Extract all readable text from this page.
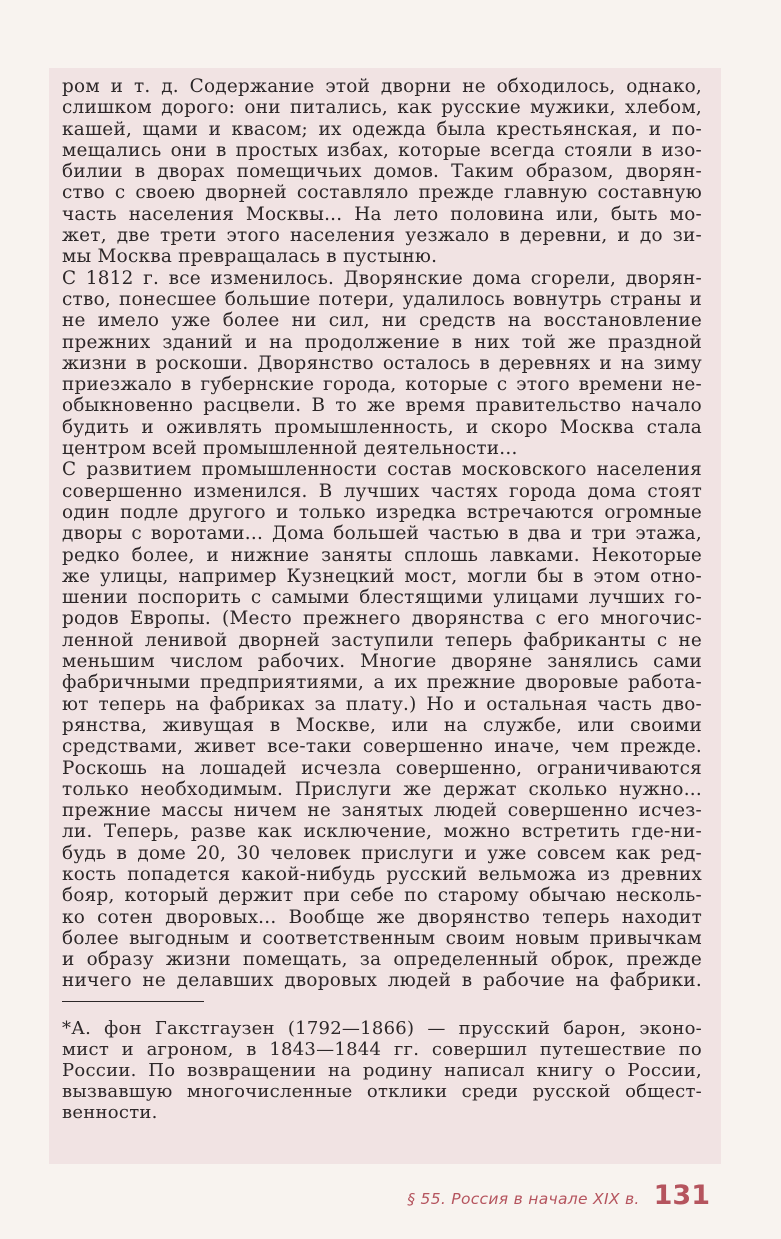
ром и т. д. Содержание этой дворни не обходилось, однако,
слишком дорого: они питались, как русские мужики, хлебом,
кашей, щами и квасом; их одежда была крестьянская, и по-
мещались они в простых избах, которые всегда стояли в изо-
билии в дворах помещичьих домов. Таким образом, дворян-
ство с своею дворней составляло прежде главную составную
часть населения Москвы... На лето половина или, быть мо-
жет, две трети этого населения уезжало в деревни, и до зи-
мы Москва превращалась в пустыню.
С 1812 г. все изменилось. Дворянские дома сгорели, дворян-
ство, понесшее большие потери, удалилось вовнутрь страны и
не имело уже более ни сил, ни средств на восстановление
прежних зданий и на продолжение в них той же праздной
жизни в роскоши. Дворянство осталось в деревнях и на зиму
приезжало в губернские города, которые с этого времени не-
обыкновенно расцвели. В то же время правительство начало
будить и оживлять промышленность, и скоро Москва стала
центром всей промышленной деятельности...
С развитием промышленности состав московского населения
совершенно изменился. В лучших частях города дома стоят
один подле другого и только изредка встречаются огромные
дворы с воротами... Дома большей частью в два и три этажа,
редко более, и нижние заняты сплошь лавками. Некоторые
же улицы, например Кузнецкий мост, могли бы в этом отно-
шении поспорить с самыми блестящими улицами лучших го-
родов Европы. (Место прежнего дворянства с его многочис-
ленной ленивой дворней заступили теперь фабриканты с не
меньшим числом рабочих. Многие дворяне занялись сами
фабричными предприятиями, а их прежние дворовые работа-
ют теперь на фабриках за плату.) Но и остальная часть дво-
рянства, живущая в Москве, или на службе, или своими
средствами, живет все-таки совершенно иначе, чем прежде.
Роскошь на лошадей исчезла совершенно, ограничиваются
только необходимым. Прислуги же держат сколько нужно...
прежние массы ничем не занятых людей совершенно исчез-
ли. Теперь, разве как исключение, можно встретить где-ни-
будь в доме 20, 30 человек прислуги и уже совсем как ред-
кость попадется какой-нибудь русский вельможа из древних
бояр, который держит при себе по старому обычаю несколь-
ко сотен дворовых... Вообще же дворянство теперь находит
более выгодным и соответственным своим новым привычкам
и образу жизни помещать, за определенный оброк, прежде
ничего не делавших дворовых людей в рабочие на фабрики.
*А. фон Гакстгаузен (1792—1866) — прусский барон, эконо-
мист и агроном, в 1843—1844 гг. совершил путешествие по
России. По возвращении на родину написал книгу о России,
вызвавшую многочисленные отклики среди русской общест-
венности.
§ 55. Россия в начале XIX в. 131
